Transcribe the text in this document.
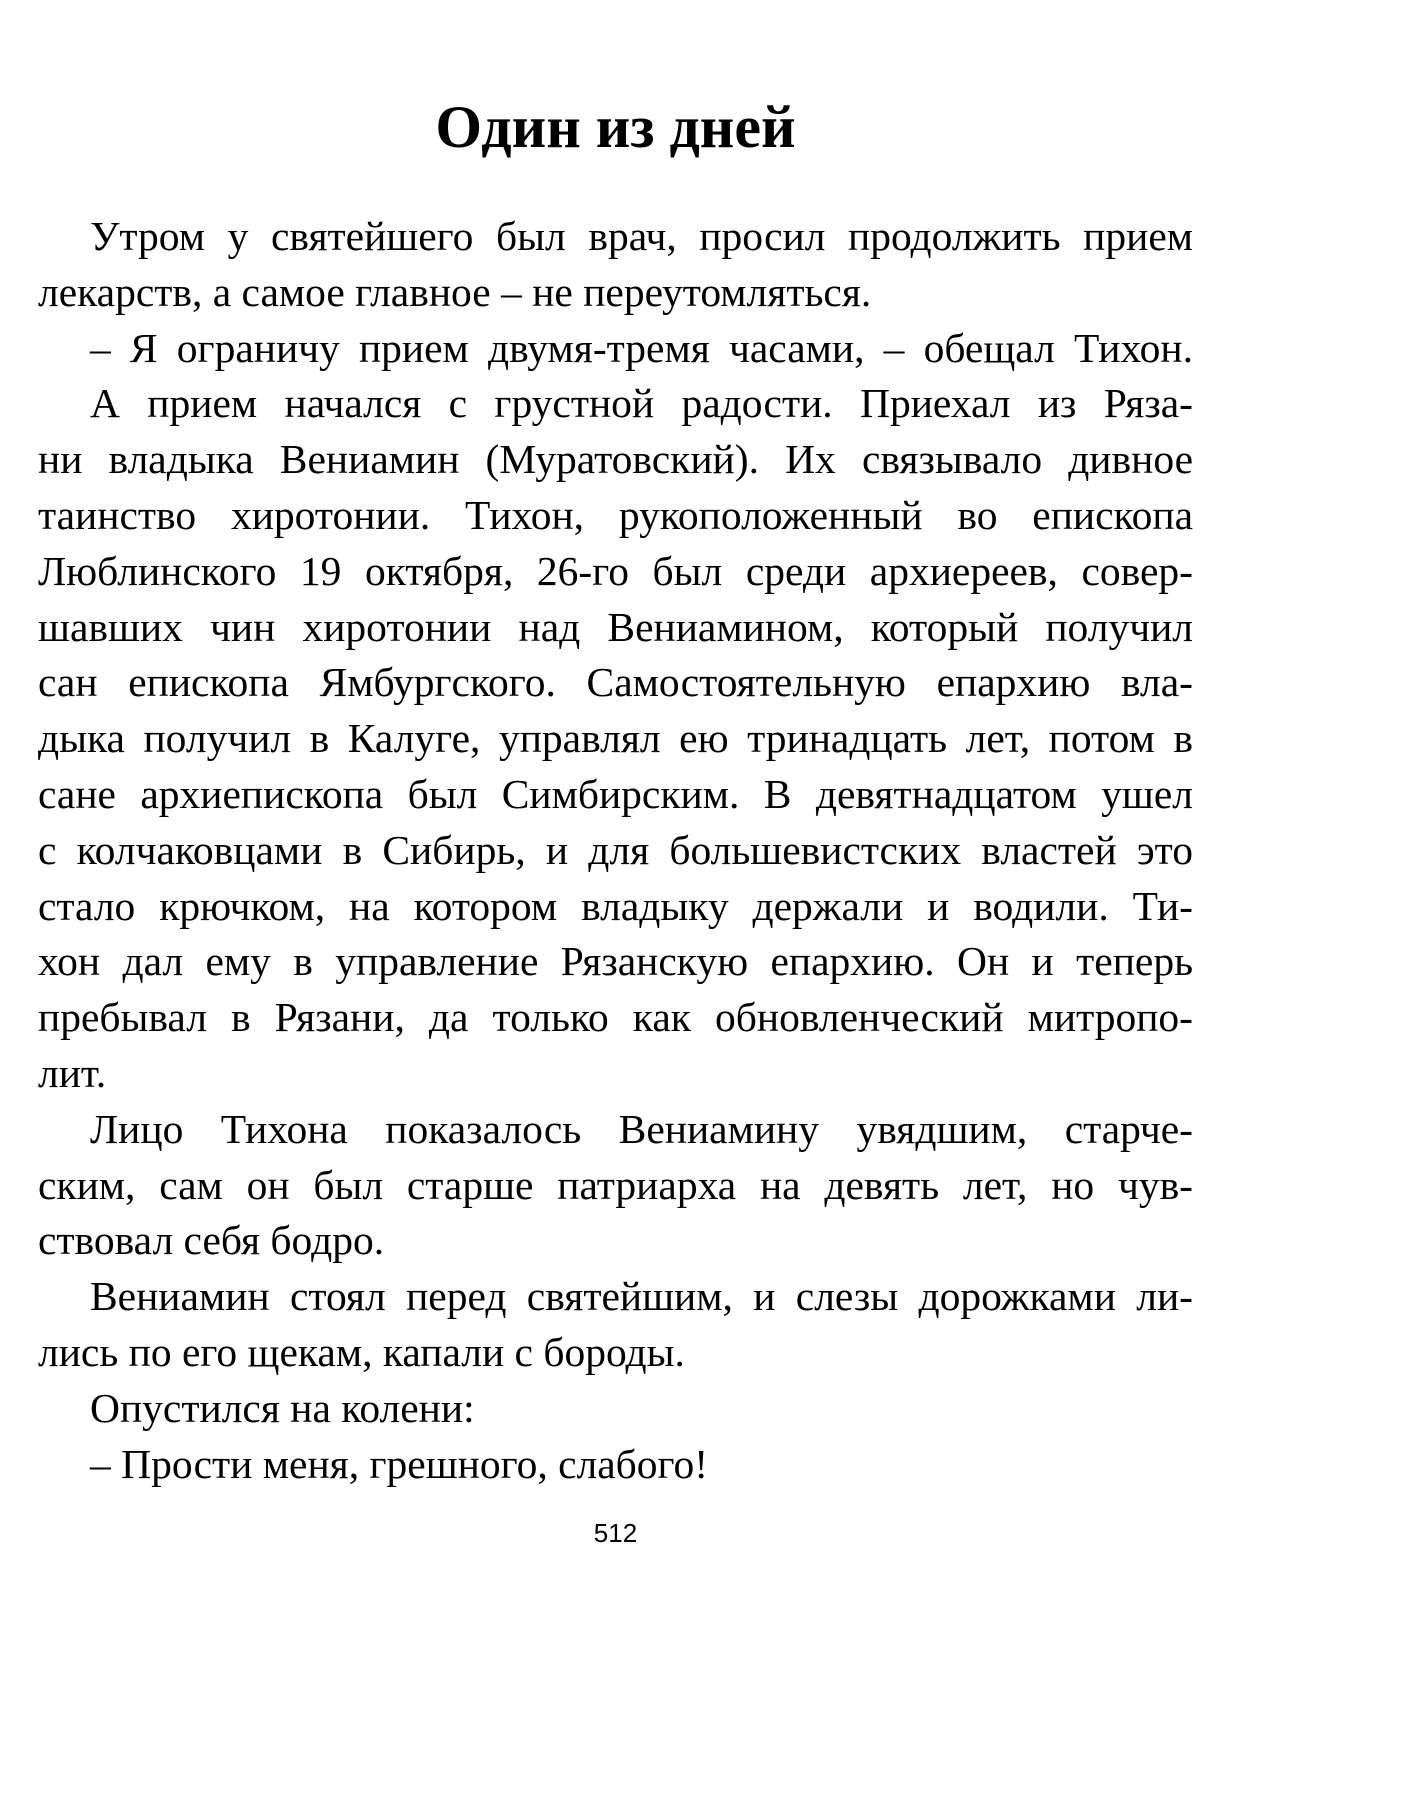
Один из дней

Утром у святейшего был врач, просил продолжить прием
лекарств, а самое главное – не переутомляться.

– Я ограничу прием двумя-тремя часами, – обещал Тихон.

А прием начался с грустной радости. Приехал из Ряза-
ни владыка Вениамин (Муратовский). Их связывало дивное
таинство хиротонии. Тихон, рукоположенный во епископа
Люблинского 19 октября, 26-го был среди архиереев, совер-
шавших чин хиротонии над Вениамином, который получил
сан епископа Ямбургского. Самостоятельную епархию вла-
дыка получил в Калуге, управлял ею тринадцать лет, потом в
сане архиепископа был Симбирским. В девятнадцатом ушел
с колчаковцами в Сибирь, и для большевистских властей это
стало крючком, на котором владыку держали и водили. Ти-
хон дал ему в управление Рязанскую епархию. Он и теперь
пребывал в Рязани, да только как обновленческий митропо-
лит.

Лицо Тихона показалось Вениамину увядшим, старче-
ским, сам он был старше патриарха на девять лет, но чув-
ствовал себя бодро.

Вениамин стоял перед святейшим, и слезы дорожками ли-
лись по его щекам, капали с бороды.

Опустился на колени:

– Прости меня, грешного, слабого!

512
